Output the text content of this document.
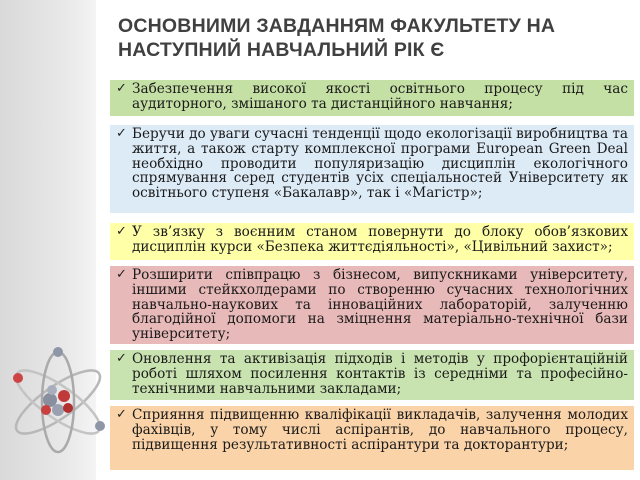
ОСНОВНИМИ ЗАВДАННЯМ ФАКУЛЬТЕТУ НА
НАСТУПНИЙ НАВЧАЛЬНИЙ РІК Є
✓ Забезпечення високої якості освітнього процесу під час аудиторного, змішаного та дистанційного навчання;
✓ Беручи до уваги сучасні тенденції щодо екологізації виробництва та життя, а також старту комплексної програми European Green Deal необхідно проводити популяризацію дисциплін екологічного спрямування серед студентів усіх спеціальностей Університету як освітнього ступеня «Бакалавр», так і «Магістр»;
✓ У зв’язку з воєнним станом повернути до блоку обов’язкових дисциплін курси «Безпека життєдіяльності», «Цивільний захист»;
✓ Розширити співпрацю з бізнесом, випускниками університету, іншими стейкхолдерами по створенню сучасних технологічних навчально-наукових та інноваційних лабораторій, залученню благодійної допомоги на зміцнення матеріально-технічної бази університету;
✓ Оновлення та активізація підходів і методів у профорієнтаційній роботі шляхом посилення контактів із середніми та професійно-технічними навчальними закладами;
✓ Сприяння підвищенню кваліфікації викладачів, залучення молодих фахівців, у тому числі аспірантів, до навчального процесу, підвищення результативності аспірантури та докторантури;
